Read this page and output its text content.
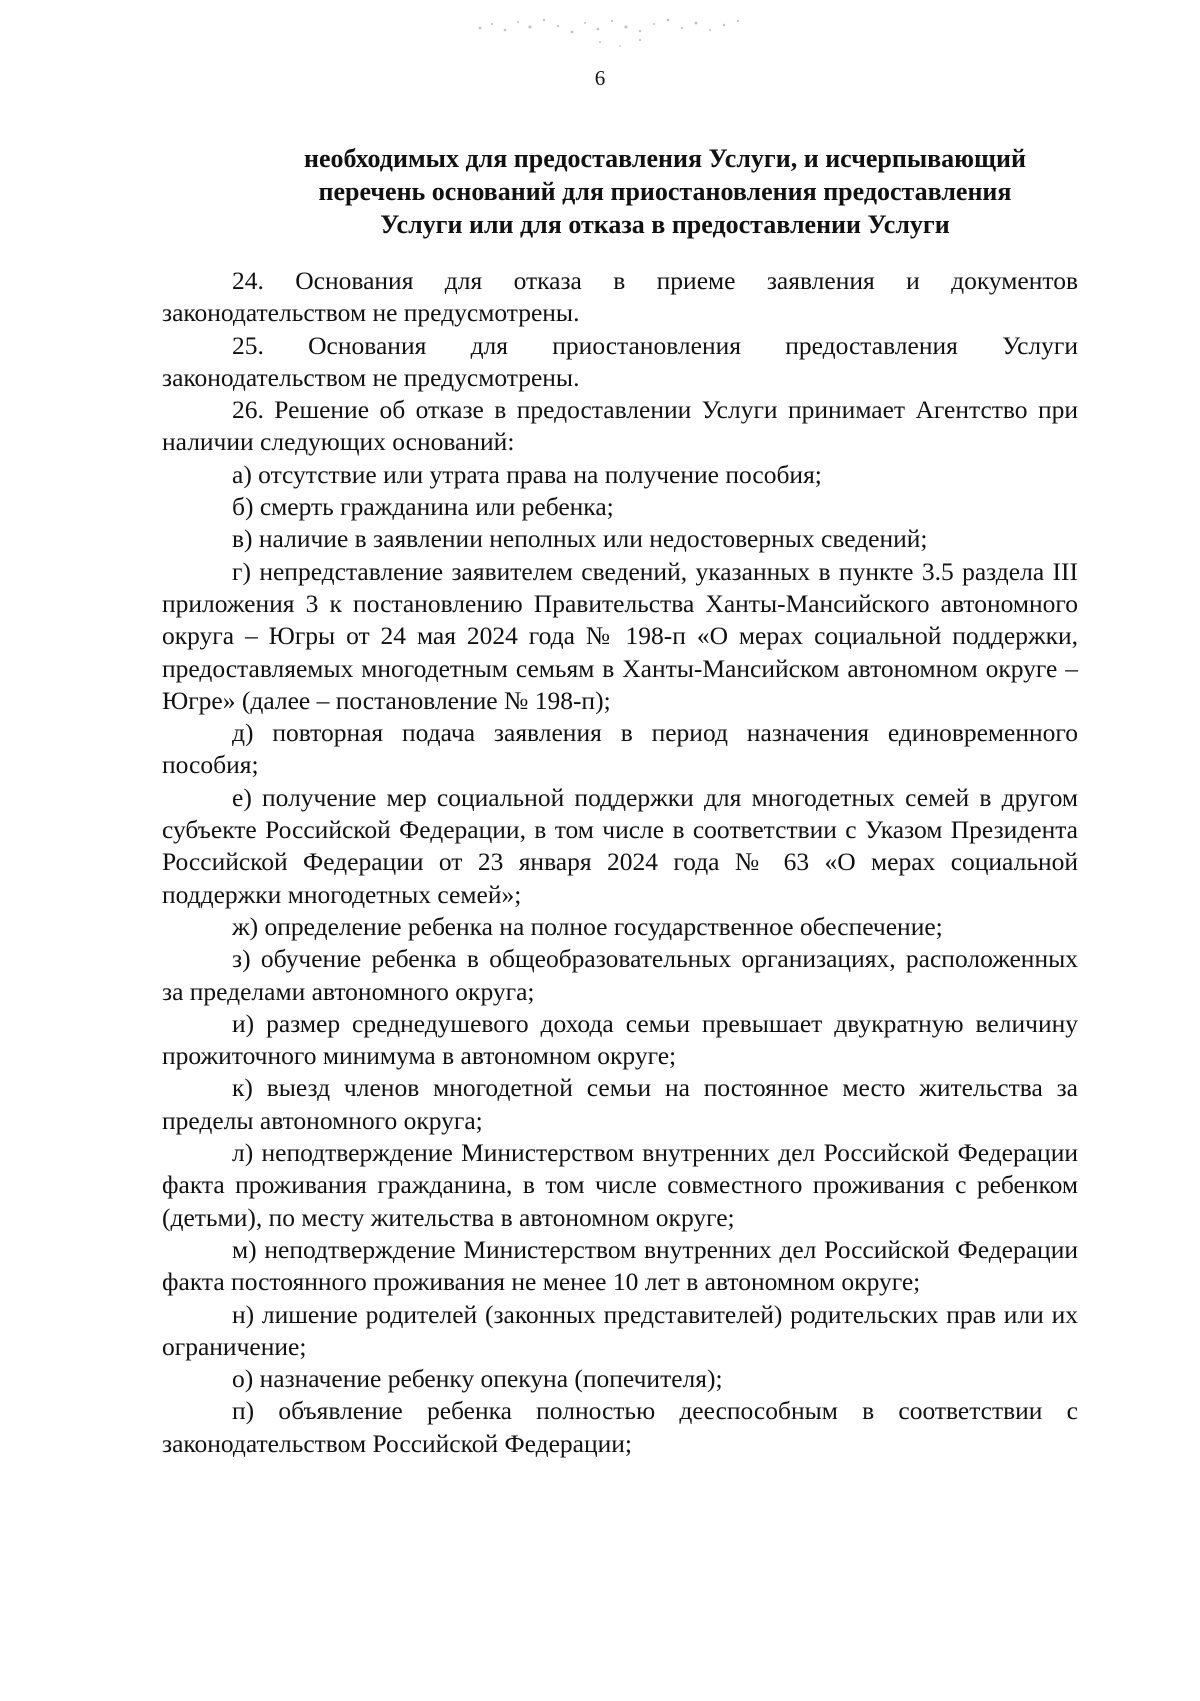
6
необходимых для предоставления Услуги, и исчерпывающий
перечень оснований для приостановления предоставления
Услуги или для отказа в предоставлении Услуги

24. Основания для отказа в приеме заявления и документов законодательством не предусмотрены.

25. Основания для приостановления предоставления Услуги законодательством не предусмотрены.

26. Решение об отказе в предоставлении Услуги принимает Агентство при наличии следующих оснований:

а) отсутствие или утрата права на получение пособия;

б) смерть гражданина или ребенка;

в) наличие в заявлении неполных или недостоверных сведений;

г) непредставление заявителем сведений, указанных в пункте 3.5 раздела III приложения 3 к постановлению Правительства Ханты-Мансийского автономного округа – Югры от 24 мая 2024 года № 198-п «О мерах социальной поддержки, предоставляемых многодетным семьям в Ханты-Мансийском автономном округе – Югре» (далее – постановление № 198-п);

д) повторная подача заявления в период назначения единовременного пособия;

е) получение мер социальной поддержки для многодетных семей в другом субъекте Российской Федерации, в том числе в соответствии с Указом Президента Российской Федерации от 23 января 2024 года № 63 «О мерах социальной поддержки многодетных семей»;

ж) определение ребенка на полное государственное обеспечение;

з) обучение ребенка в общеобразовательных организациях, расположенных за пределами автономного округа;

и) размер среднедушевого дохода семьи превышает двукратную величину прожиточного минимума в автономном округе;

к) выезд членов многодетной семьи на постоянное место жительства за пределы автономного округа;

л) неподтверждение Министерством внутренних дел Российской Федерации факта проживания гражданина, в том числе совместного проживания с ребенком (детьми), по месту жительства в автономном округе;

м) неподтверждение Министерством внутренних дел Российской Федерации факта постоянного проживания не менее 10 лет в автономном округе;

н) лишение родителей (законных представителей) родительских прав или их ограничение;

о) назначение ребенку опекуна (попечителя);

п) объявление ребенка полностью дееспособным в соответствии с законодательством Российской Федерации;
